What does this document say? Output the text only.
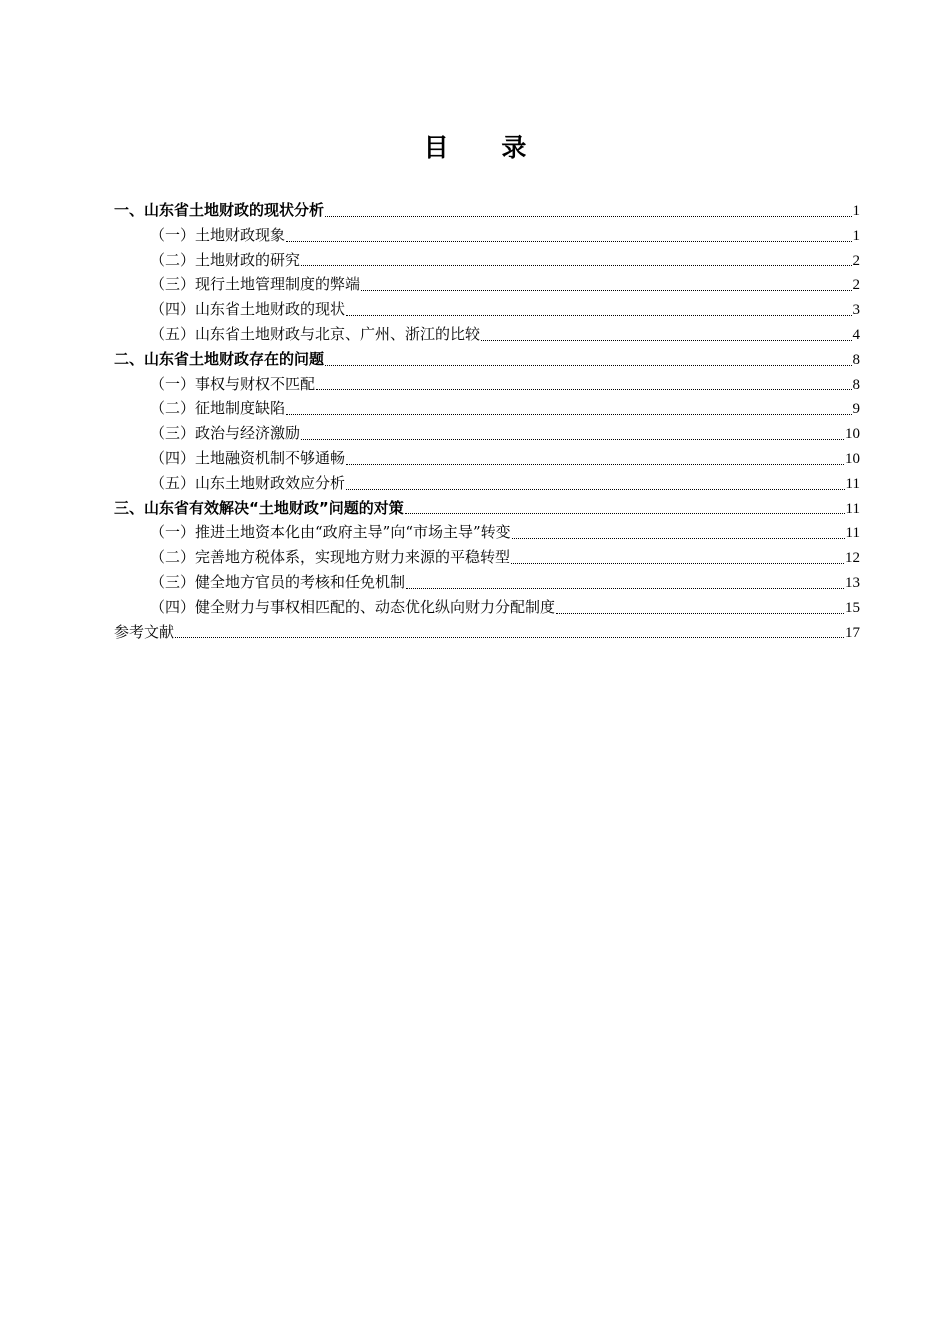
目 录
一、山东省土地财政的现状分析	1
（一）土地财政现象	1
（二）土地财政的研究	2
（三）现行土地管理制度的弊端	2
（四）山东省土地财政的现状	3
（五）山东省土地财政与北京、广州、浙江的比较	4
二、山东省土地财政存在的问题	8
（一）事权与财权不匹配	8
（二）征地制度缺陷	9
（三）政治与经济激励	10
（四）土地融资机制不够通畅	10
（五）山东土地财政效应分析	11
三、山东省有效解决“土地财政”问题的对策	11
（一）推进土地资本化由“政府主导”向“市场主导”转变	11
（二）完善地方税体系，实现地方财力来源的平稳转型	12
（三）健全地方官员的考核和任免机制	13
（四）健全财力与事权相匹配的、动态优化纵向财力分配制度	15
参考文献	17
